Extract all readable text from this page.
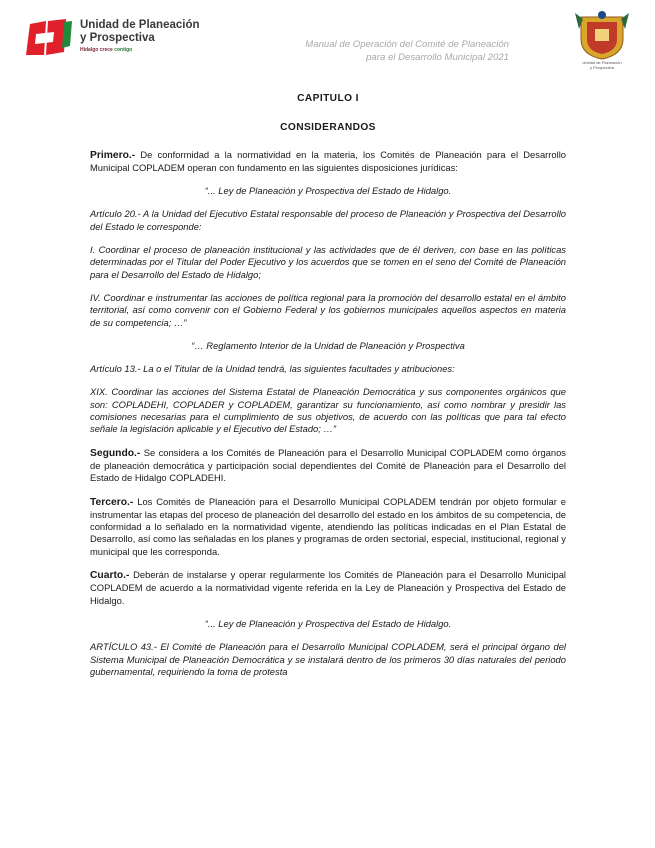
Unidad de Planeación
y Prospectiva
Hidalgo crece contigo	Manual de Operación del Comité de Planeación
para el Desarrollo Municipal 2021	Unidad de Planeación
y Prospectiva
CAPITULO I
CONSIDERANDOS

Primero.- De conformidad a la normatividad en la materia, los Comités de Planeación para el Desarrollo Municipal COPLADEM operan con fundamento en las siguientes disposiciones jurídicas:

“... Ley de Planeación y Prospectiva del Estado de Hidalgo.

Artículo 20.- A la Unidad del Ejecutivo Estatal responsable del proceso de Planeación y Prospectiva del Desarrollo del Estado le corresponde:

I. Coordinar el proceso de planeación institucional y las actividades que de él deriven, con base en las políticas determinadas por el Titular del Poder Ejecutivo y los acuerdos que se tomen en el seno del Comité de Planeación para el Desarrollo del Estado de Hidalgo;

IV. Coordinar e instrumentar las acciones de política regional para la promoción del desarrollo estatal en el ámbito territorial, así como convenir con el Gobierno Federal y los gobiernos municipales aquellos aspectos en materia de su competencia; …”

“… Reglamento Interior de la Unidad de Planeación y Prospectiva

Artículo 13.- La o el Titular de la Unidad tendrá, las siguientes facultades y atribuciones:

XIX. Coordinar las acciones del Sistema Estatal de Planeación Democrática y sus componentes orgánicos que son: COPLADEHI, COPLADER y COPLADEM, garantizar su funcionamiento, así como nombrar y presidir las comisiones necesarias para el cumplimiento de sus objetivos, de acuerdo con las políticas que para tal efecto señale la legislación aplicable y el Ejecutivo del Estado; …”

Segundo.- Se considera a los Comités de Planeación para el Desarrollo Municipal COPLADEM como órganos de planeación democrática y participación social dependientes del Comité de Planeación para el Desarrollo del Estado de Hidalgo COPLADEHI.

Tercero.- Los Comités de Planeación para el Desarrollo Municipal COPLADEM tendrán por objeto formular e instrumentar las etapas del proceso de planeación del desarrollo del estado en los ámbitos de su competencia, de conformidad a lo señalado en la normatividad vigente, atendiendo las políticas indicadas en el Plan Estatal de Desarrollo, así como las señaladas en los planes y programas de orden sectorial, especial, institucional, regional y municipal que les corresponda.

Cuarto.- Deberán de instalarse y operar regularmente los Comités de Planeación para el Desarrollo Municipal COPLADEM de acuerdo a la normatividad vigente referida en la Ley de Planeación y Prospectiva del Estado de Hidalgo.

“... Ley de Planeación y Prospectiva del Estado de Hidalgo.

ARTÍCULO 43.- El Comité de Planeación para el Desarrollo Municipal COPLADEM, será el principal órgano del Sistema Municipal de Planeación Democrática y se instalará dentro de los primeros 30 días naturales del periodo gubernamental, requiriendo la toma de protesta
